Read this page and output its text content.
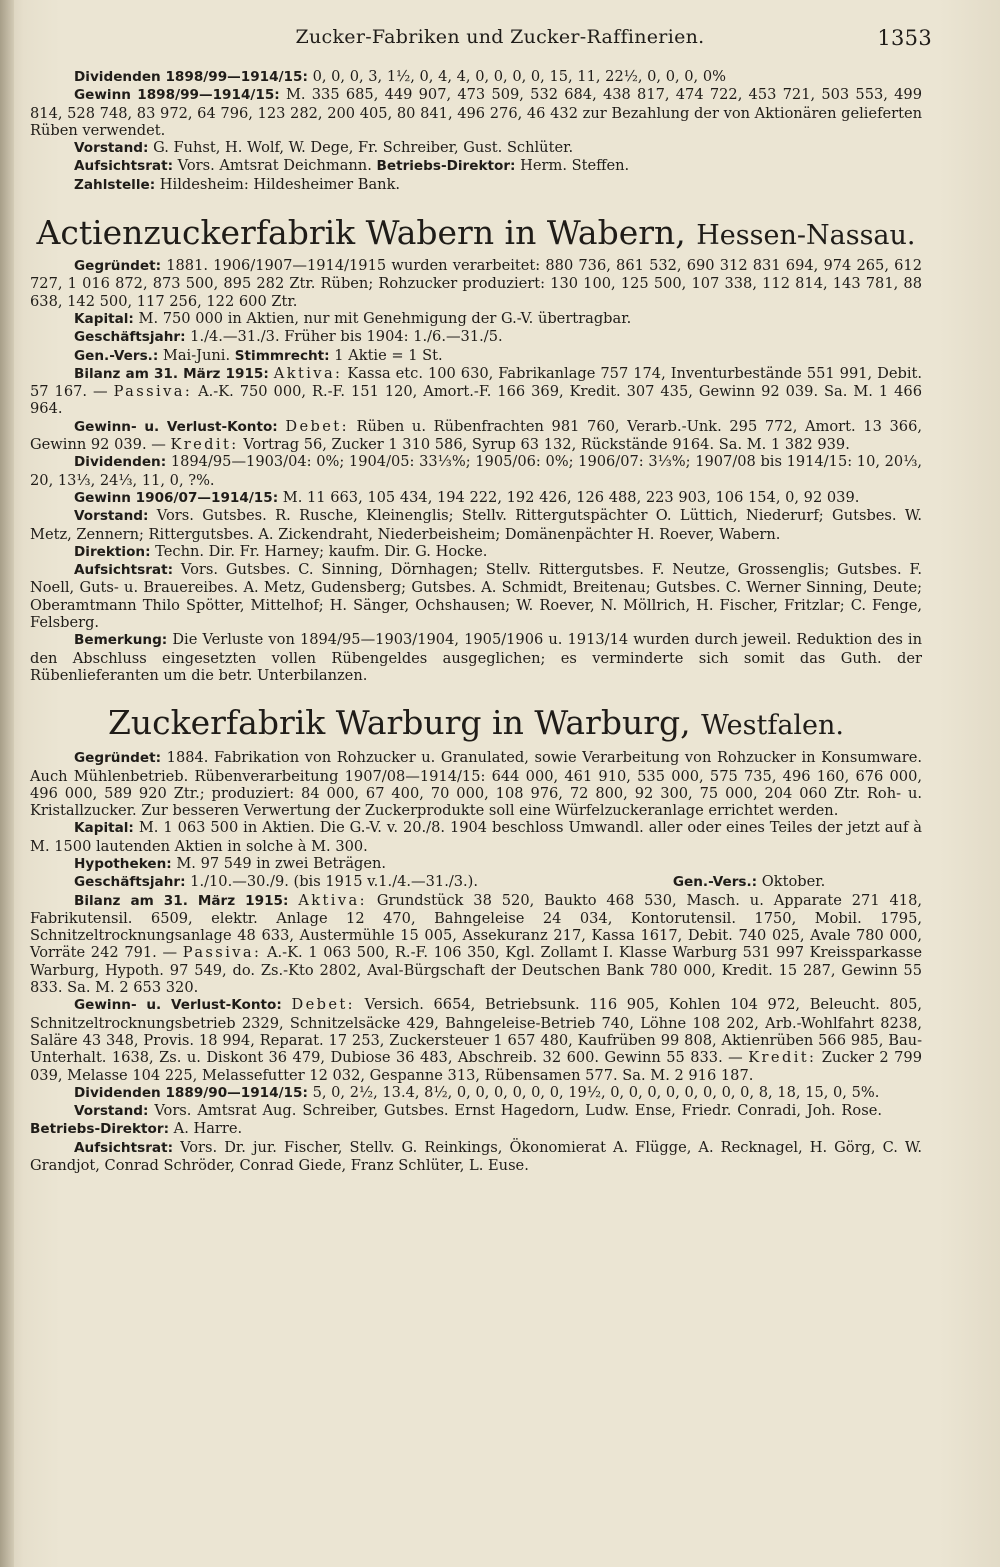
Zucker-Fabriken und Zucker-Raffinerien.	1353

Dividenden 1898/99—1914/15: 0, 0, 0, 3, 1½, 0, 4, 4, 0, 0, 0, 0, 15, 11, 22½, 0, 0, 0, 0%

Gewinn 1898/99—1914/15: M. 335 685, 449 907, 473 509, 532 684, 438 817, 474 722, 453 721, 503 553, 499 814, 528 748, 83 972, 64 796, 123 282, 200 405, 80 841, 496 276, 46 432 zur Bezahlung der von Aktionären gelieferten Rüben verwendet.

Vorstand: G. Fuhst, H. Wolf, W. Dege, Fr. Schreiber, Gust. Schlüter.

Aufsichtsrat: Vors. Amtsrat Deichmann. Betriebs-Direktor: Herm. Steffen.

Zahlstelle: Hildesheim: Hildesheimer Bank.

Actienzuckerfabrik Wabern in Wabern, Hessen-Nassau.

Gegründet: 1881. 1906/1907—1914/1915 wurden verarbeitet: 880 736, 861 532, 690 312 831 694, 974 265, 612 727, 1 016 872, 873 500, 895 282 Ztr. Rüben; Rohzucker produziert: 130 100, 125 500, 107 338, 112 814, 143 781, 88 638, 142 500, 117 256, 122 600 Ztr.

Kapital: M. 750 000 in Aktien, nur mit Genehmigung der G.-V. übertragbar.

Geschäftsjahr: 1./4.—31./3. Früher bis 1904: 1./6.—31./5.

Gen.-Vers.: Mai-Juni. Stimmrecht: 1 Aktie = 1 St.

Bilanz am 31. März 1915: Aktiva: Kassa etc. 100 630, Fabrikanlage 757 174, Inventurbestände 551 991, Debit. 57 167. — Passiva: A.-K. 750 000, R.-F. 151 120, Amort.-F. 166 369, Kredit. 307 435, Gewinn 92 039. Sa. M. 1 466 964.

Gewinn- u. Verlust-Konto: Debet: Rüben u. Rübenfrachten 981 760, Verarb.-Unk. 295 772, Amort. 13 366, Gewinn 92 039. — Kredit: Vortrag 56, Zucker 1 310 586, Syrup 63 132, Rückstände 9164. Sa. M. 1 382 939.

Dividenden: 1894/95—1903/04: 0%; 1904/05: 33⅓%; 1905/06: 0%; 1906/07: 3⅓%; 1907/08 bis 1914/15: 10, 20⅓, 20, 13⅓, 24⅓, 11, 0, ?%.

Gewinn 1906/07—1914/15: M. 11 663, 105 434, 194 222, 192 426, 126 488, 223 903, 106 154, 0, 92 039.

Vorstand: Vors. Gutsbes. R. Rusche, Kleinenglis; Stellv. Rittergutspächter O. Lüttich, Niederurf; Gutsbes. W. Metz, Zennern; Rittergutsbes. A. Zickendraht, Niederbeisheim; Domänenpächter H. Roever, Wabern.

Direktion: Techn. Dir. Fr. Harney; kaufm. Dir. G. Hocke.

Aufsichtsrat: Vors. Gutsbes. C. Sinning, Dörnhagen; Stellv. Rittergutsbes. F. Neutze, Grossenglis; Gutsbes. F. Noell, Guts- u. Brauereibes. A. Metz, Gudensberg; Gutsbes. A. Schmidt, Breitenau; Gutsbes. C. Werner Sinning, Deute; Oberamtmann Thilo Spötter, Mittelhof; H. Sänger, Ochshausen; W. Roever, N. Möllrich, H. Fischer, Fritzlar; C. Fenge, Felsberg.

Bemerkung: Die Verluste von 1894/95—1903/1904, 1905/1906 u. 1913/14 wurden durch jeweil. Reduktion des in den Abschluss eingesetzten vollen Rübengeldes ausgeglichen; es verminderte sich somit das Guth. der Rübenlieferanten um die betr. Unterbilanzen.

Zuckerfabrik Warburg in Warburg, Westfalen.

Gegründet: 1884. Fabrikation von Rohzucker u. Granulated, sowie Verarbeitung von Rohzucker in Konsumware. Auch Mühlenbetrieb. Rübenverarbeitung 1907/08—1914/15: 644 000, 461 910, 535 000, 575 735, 496 160, 676 000, 496 000, 589 920 Ztr.; produziert: 84 000, 67 400, 70 000, 108 976, 72 800, 92 300, 75 000, 204 060 Ztr. Roh- u. Kristallzucker. Zur besseren Verwertung der Zuckerprodukte soll eine Würfelzuckeranlage errichtet werden.

Kapital: M. 1 063 500 in Aktien. Die G.-V. v. 20./8. 1904 beschloss Umwandl. aller oder eines Teiles der jetzt auf à M. 1500 lautenden Aktien in solche à M. 300.

Hypotheken: M. 97 549 in zwei Beträgen.

Geschäftsjahr: 1./10.—30./9. (bis 1915 v.1./4.—31./3.).	Gen.-Vers.: Oktober.

Bilanz am 31. März 1915: Aktiva: Grundstück 38 520, Baukto 468 530, Masch. u. Apparate 271 418, Fabrikutensil. 6509, elektr. Anlage 12 470, Bahngeleise 24 034, Kontorutensil. 1750, Mobil. 1795, Schnitzeltrocknungsanlage 48 633, Austermühle 15 005, Assekuranz 217, Kassa 1617, Debit. 740 025, Avale 780 000, Vorräte 242 791. — Passiva: A.-K. 1 063 500, R.-F. 106 350, Kgl. Zollamt I. Klasse Warburg 531 997 Kreissparkasse Warburg, Hypoth. 97 549, do. Zs.-Kto 2802, Aval-Bürgschaft der Deutschen Bank 780 000, Kredit. 15 287, Gewinn 55 833. Sa. M. 2 653 320.

Gewinn- u. Verlust-Konto: Debet: Versich. 6654, Betriebsunk. 116 905, Kohlen 104 972, Beleucht. 805, Schnitzeltrocknungsbetrieb 2329, Schnitzelsäcke 429, Bahngeleise-Betrieb 740, Löhne 108 202, Arb.-Wohlfahrt 8238, Saläre 43 348, Provis. 18 994, Reparat. 17 253, Zuckersteuer 1 657 480, Kaufrüben 99 808, Aktienrüben 566 985, Bau-Unterhalt. 1638, Zs. u. Diskont 36 479, Dubiose 36 483, Abschreib. 32 600. Gewinn 55 833. — Kredit: Zucker 2 799 039, Melasse 104 225, Melassefutter 12 032, Gespanne 313, Rübensamen 577. Sa. M. 2 916 187.

Dividenden 1889/90—1914/15: 5, 0, 2½, 13.4, 8½, 0, 0, 0, 0, 0, 0, 19½, 0, 0, 0, 0, 0, 0, 0, 0, 8, 18, 15, 0, 5%.

Vorstand: Vors. Amtsrat Aug. Schreiber, Gutsbes. Ernst Hagedorn, Ludw. Ense, Friedr. Conradi, Joh. Rose.        Betriebs-Direktor: A. Harre.

Aufsichtsrat: Vors. Dr. jur. Fischer, Stellv. G. Reinkings, Ökonomierat A. Flügge, A. Recknagel, H. Görg, C. W. Grandjot, Conrad Schröder, Conrad Giede, Franz Schlüter, L. Euse.
